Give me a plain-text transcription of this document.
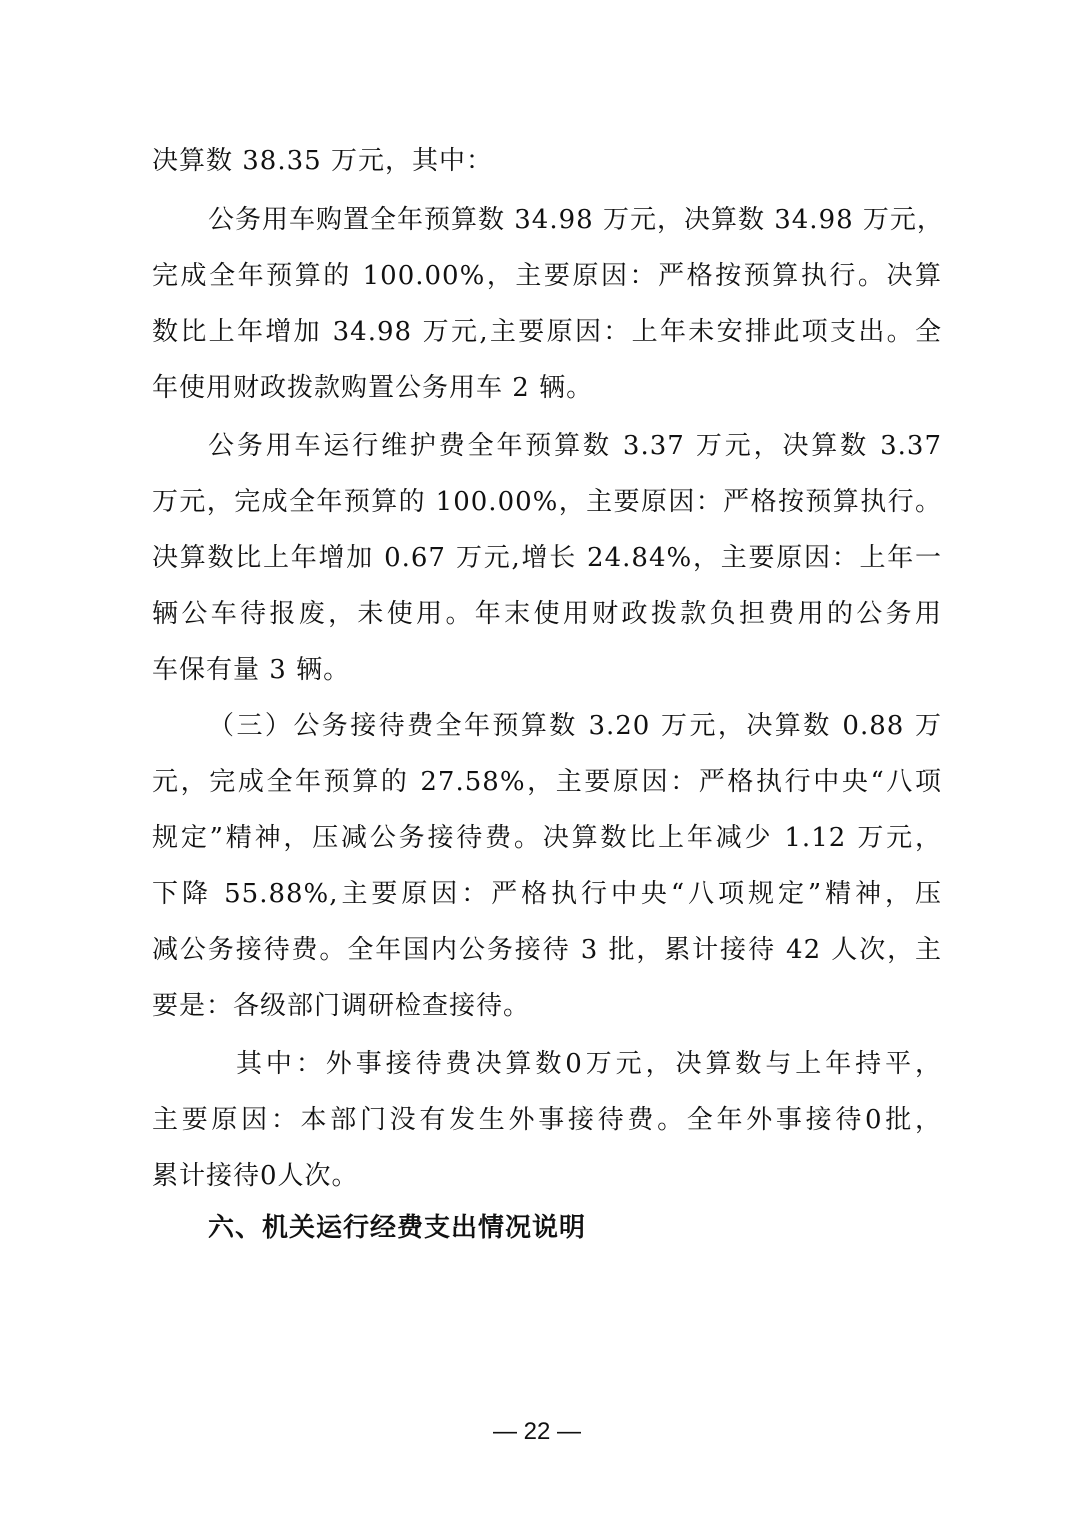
决算数 38.35 万元，其中：
公务用车购置全年预算数 34.98 万元，决算数 34.98 万元，
完成全年预算的 100.00%，主要原因：严格按预算执行。决算
数比上年增加 34.98 万元,主要原因：上年未安排此项支出。全
年使用财政拨款购置公务用车 2 辆。
公务用车运行维护费全年预算数 3.37 万元，决算数 3.37
万元，完成全年预算的 100.00%，主要原因：严格按预算执行。
决算数比上年增加 0.67 万元,增长 24.84%，主要原因：上年一
辆公车待报废，未使用。年末使用财政拨款负担费用的公务用
车保有量 3 辆。
（三）公务接待费全年预算数 3.20 万元，决算数 0.88 万
元，完成全年预算的 27.58%，主要原因：严格执行中央“八项
规定”精神，压减公务接待费。决算数比上年减少 1.12 万元，
下降 55.88%,主要原因：严格执行中央“八项规定”精神，压
减公务接待费。全年国内公务接待 3 批，累计接待 42 人次，主
要是：各级部门调研检查接待。
其中：外事接待费决算数0万元，决算数与上年持平，
主要原因：本部门没有发生外事接待费。全年外事接待0批，
累计接待0人次。
六、机关运行经费支出情况说明
— 22 —
